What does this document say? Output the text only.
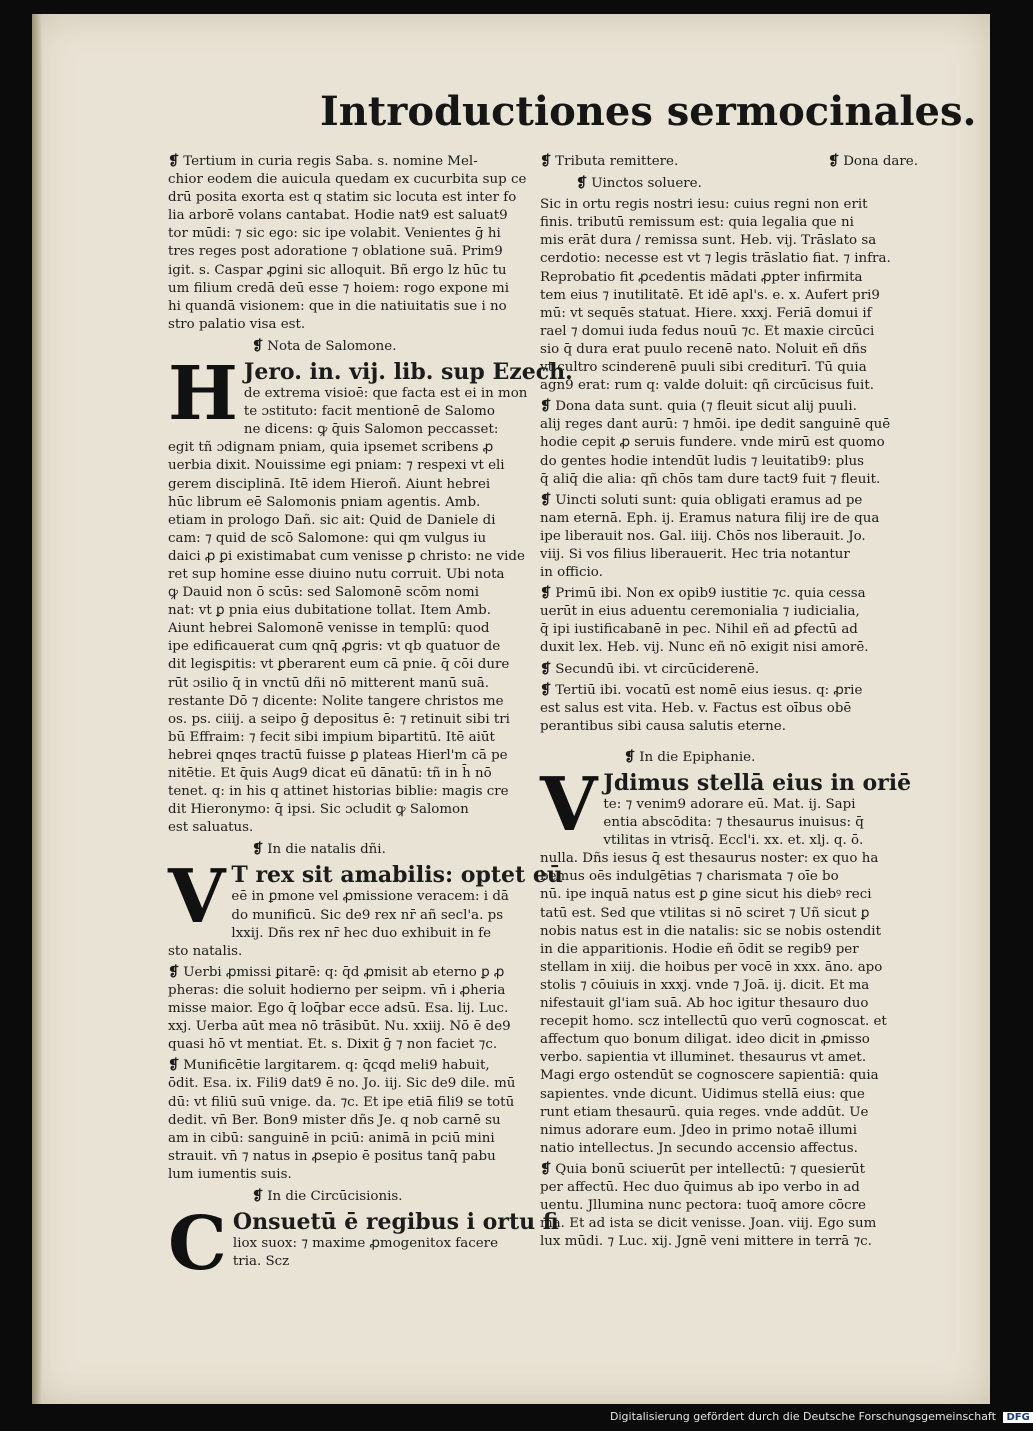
Introductiones sermocinales.
❡ Tertium in curia regis Saba. s. nomine Mel-
chior eodem die auicula quedam ex cucurbita sup ce
drū posita exorta est q statim sic locuta est inter fo
lia arborē volans cantabat. Hodie nat9 est saluat9
tor mūdi: ⁊ sic ego: sic ipe volabit. Venientes ḡ hi
tres reges post adoratione ⁊ oblatione suā. Prim9
igit. s. Caspar ꝓgini sic alloquit. Bñ ergo lz hūc tu
um filium credā deū esse ⁊ hoiem: rogo expone mi
hi quandā visionem: que in die natiuitatis sue i no
stro palatio visa est.
❡ Nota de Salomone.
H Jero. in. vij. lib. sup Ezech.
de extrema visioē: que facta est ei in mon
te ɔstituto: facit mentionē de Salomo
ne dicens: ꝙ q̄uis Salomon peccasset:
egit tñ ɔdignam pniam, quia ipsemet scribens ꝓ
uerbia dixit. Nouissime egi pniam: ⁊ respexi vt eli
gerem disciplinā. Itē idem Hieroñ. Aiunt hebrei
hūc librum eē Salomonis pniam agentis. Amb.
etiam in prologo Dañ. sic ait: Quid de Daniele di
cam: ⁊ quid de scō Salomone: qui qm vulgus iu
daici ꝓ ꝑi existimabat cum venisse ꝑ christo: ne vide
ret sup homine esse diuino nutu corruit. Ubi nota
ꝙ Dauid non ō scūs: sed Salomonē scōm nomi
nat: vt ꝑ pnia eius dubitatione tollat. Item Amb.
Aiunt hebrei Salomonē venisse in templū: quod
ipe edificauerat cum qnq̄ ꝓgris: vt qb quatuor de
dit legisꝑitis: vt ꝑberarent eum cā pnie. q̄ cōi dure
rūt ɔsilio q̄ in vnctū dñi nō mitterent manū suā.
restante Dō ⁊ dicente: Nolite tangere christos me
os. ps. ciiij. a seipo ḡ depositus ē: ⁊ retinuit sibi tri
bū Effraim: ⁊ fecit sibi impium bipartitū. Itē aiūt
hebrei qnqes tractū fuisse ꝑ plateas Hierl'm cā pe
nitētie. Et q̄uis Aug9 dicat eū dānatū: tñ in h̄ nō
tenet. q: in his q attinet historias biblie: magis cre
dit Hieronymo: q̄ ipsi. Sic ɔcludit ꝙ Salomon
est saluatus.
❡ In die natalis dñi.
V T rex sit amabilis: optet eū
eē in ꝑmone vel ꝓmissione veracem: i dā
do munificū. Sic de9 rex nr̄ añ secl'a. ps
lxxij. Dñs rex nr̄ hec duo exhibuit in fe
sto natalis.
❡ Uerbi ꝓmissi ꝑitarē: q: q̄d ꝓmisit ab eterno ꝑ ꝓ
pheras: die soluit hodierno per seipm. vn̄ i ꝓheria
misse maior. Ego q̄ loq̄bar ecce adsū. Esa. lij. Luc.
xxj. Uerba aūt mea nō trāsibūt. Nu. xxiij. Nō ē de9
quasi hō vt mentiat. Et. s. Dixit ḡ ⁊ non faciet ⁊c.
❡ Munificētie largitarem. q: q̄cqd meli9 habuit,
ōdit. Esa. ix. Fili9 dat9 ē no. Jo. iij. Sic de9 dile. mū
dū: vt filiū suū vnige. da. ⁊c. Et ipe etiā fili9 se totū
dedit. vn̄ Ber. Bon9 mister dñs Je. q nob carnē su
am in cibū: sanguinē in pciū: animā in pciū mini
strauit. vn̄ ⁊ natus in ꝓsepio ē positus tanq̄ pabu
lum iumentis suis.
❡ In die Circūcisionis.
C Onsuetū ē regibus i ortu fi
liox suox: ⁊ maxime ꝓmogenitox facere
tria. Scz
❡ Tributa remittere.	❡ Dona dare.
❡ Uinctos soluere.
Sic in ortu regis nostri iesu: cuius regni non erit
finis. tributū remissum est: quia legalia que ni
mis erāt dura / remissa sunt. Heb. vij. Trāslato sa
cerdotio: necesse est vt ⁊ legis trāslatio fiat. ⁊ infra.
Reprobatio fit ꝓcedentis mādati ꝓpter infirmita
tem eius ⁊ inutilitatē. Et idē apl's. e. x. Aufert pri9
mū: vt sequēs statuat. Hiere. xxxj. Feriā domui if
rael ⁊ domui iuda fedus nouū ⁊c. Et maxie circūci
sio q̄ dura erat puulo recenē nato. Noluit eñ dñs
vt cultro scinderenē puuli sibi crediturī. Tū quia
agn9 erat: rum q: valde doluit: qñ circūcisus fuit.
❡ Dona data sunt. quia (⁊ fleuit sicut alij puuli.
alij reges dant aurū: ⁊ hmōi. ipe dedit sanguinē quē
hodie cepit ꝓ seruis fundere. vnde mirū est quomo
do gentes hodie intendūt ludis ⁊ leuitatib9: plus
q̄ aliq̄ die alia: qñ chōs tam dure tact9 fuit ⁊ fleuit.
❡ Uincti soluti sunt: quia obligati eramus ad pe
nam eternā. Eph. ij. Eramus natura filij ire de qua
ipe liberauit nos. Gal. iiij. Chōs nos liberauit. Jo.
viij. Si vos filius liberauerit. Hec tria notantur
in officio.
❡ Primū ibi. Non ex opib9 iustitie ⁊c. quia cessa
uerūt in eius aduentu ceremonialia ⁊ iudicialia,
q̄ ipi iustificabanē in pec. Nihil eñ ad ꝑfectū ad
duxit lex. Heb. vij. Nunc eñ nō exigit nisi amorē.
❡ Secundū ibi. vt circūciderenē.
❡ Tertiū ibi. vocatū est nomē eius iesus. q: ꝓrie
est salus est vita. Heb. v. Factus est oībus obē
perantibus sibi causa salutis eterne.
❡ In die Epiphanie.
V Jdimus stellā eius in oriē
te: ⁊ venim9 adorare eū. Mat. ij. Sapi
entia abscōdita: ⁊ thesaurus inuisus: q̄
vtilitas in vtrisq̄. Eccl'i. xx. et. xlj. q. ō.
nulla. Dñs iesus q̄ est thesaurus noster: ex quo ha
bemus oēs indulgētias ⁊ charismata ⁊ oīe bo
nū. ipe inquā natus est ꝑ gine sicut his diebꝰ reci
tatū est. Sed que vtilitas si nō sciret ⁊ Uñ sicut ꝑ
nobis natus est in die natalis: sic se nobis ostendit
in die apparitionis. Hodie eñ ōdit se regib9 per
stellam in xiij. die hoibus per vocē in xxx. āno. apo
stolis ⁊ cōuiuis in xxxj. vnde ⁊ Joā. ij. dicit. Et ma
nifestauit gl'iam suā. Ab hoc igitur thesauro duo
recepit homo. scz intellectū quo verū cognoscat. et
affectum quo bonum diligat. ideo dicit in ꝓmisso
verbo. sapientia vt illuminet. thesaurus vt amet.
Magi ergo ostendūt se cognoscere sapientiā: quia
sapientes. vnde dicunt. Uidimus stellā eius: que
runt etiam thesaurū. quia reges. vnde addūt. Ue
nimus adorare eum. Jdeo in primo notaē illumi
natio intellectus. Jn secundo accensio affectus.
❡ Quia bonū sciuerūt per intellectū: ⁊ quesierūt
per affectū. Hec duo q̄uimus ab ipo verbo in ad
uentu. Jllumina nunc pectora: tuoq̄ amore cōcre
ma. Et ad ista se dicit venisse. Joan. viij. Ego sum
lux mūdi. ⁊ Luc. xij. Jgnē veni mittere in terrā ⁊c.
Digitalisierung gefördert durch die Deutsche Forschungsgemeinschaft DFG
